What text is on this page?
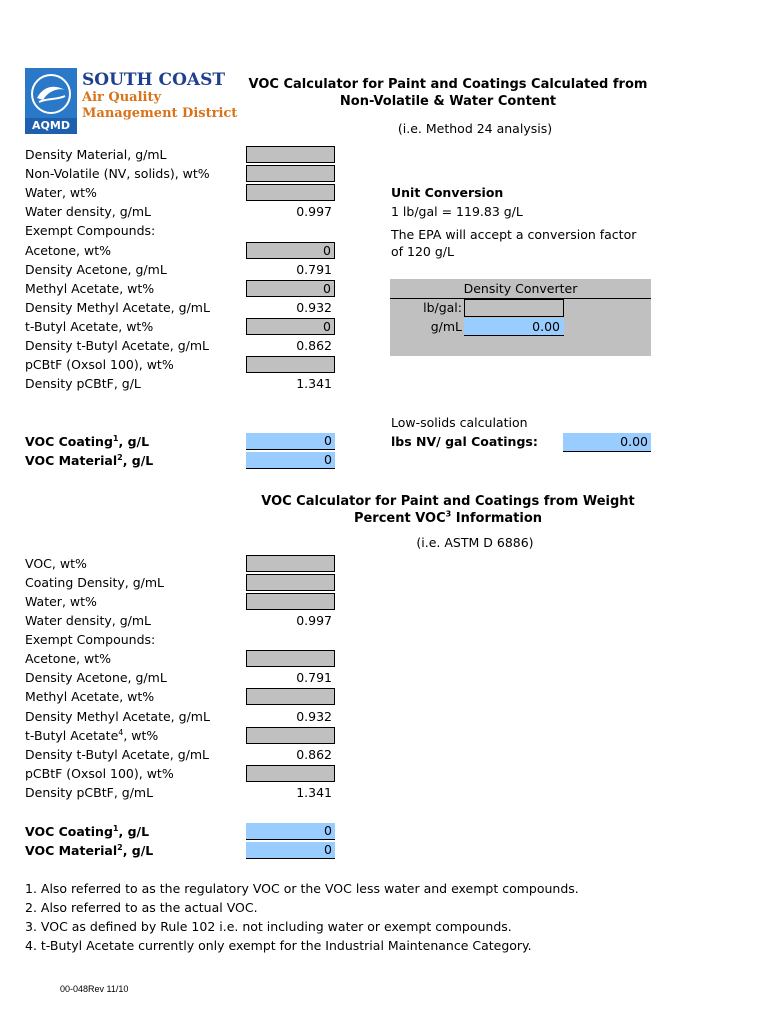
AQMD
SOUTH COAST
Air Quality
Management District
VOC Calculator for Paint and Coatings Calculated from
Non-Volatile & Water Content
(i.e. Method 24 analysis)
Density Material, g/mL
Non-Volatile (NV, solids), wt%
Water, wt%
Water density, g/mL
Exempt Compounds:
Acetone, wt%
Density Acetone, g/mL
Methyl Acetate, wt%
Density Methyl Acetate, g/mL
t-Butyl Acetate, wt%
Density t-Butyl Acetate, g/mL
pCBtF (Oxsol 100), wt%
Density pCBtF, g/L
0.997
0
0.791
0
0.932
0
0.862
1.341
VOC Coating$^1$, g/L
VOC Material$^2$, g/L
0
0
Unit Conversion
1 lb/gal = 119.83 g/L
The EPA will accept a conversion factor
of 120 g/L
Density Converter
lb/gal:
g/mL	0.00
Low-solids calculation
lbs NV/ gal Coatings:	0.00
VOC Calculator for Paint and Coatings from Weight
Percent VOC$^3$ Information
(i.e. ASTM D 6886)
VOC, wt%
Coating Density, g/mL
Water, wt%
Water density, g/mL
Exempt Compounds:
Acetone, wt%
Density Acetone, g/mL
Methyl Acetate, wt%
Density Methyl Acetate, g/mL
t-Butyl Acetate$^4$, wt%
Density t-Butyl Acetate, g/mL
pCBtF (Oxsol 100), wt%
Density pCBtF, g/mL
0.997
0.791
0.932
0.862
1.341
VOC Coating$^1$, g/L
VOC Material$^2$, g/L
0
0
1. Also referred to as the regulatory VOC or the VOC less water and exempt compounds.
2. Also referred to as the actual VOC.
3. VOC as defined by Rule 102 i.e. not including water or exempt compounds.
4. t-Butyl Acetate currently only exempt for the Industrial Maintenance Category.
00-048Rev 11/10
